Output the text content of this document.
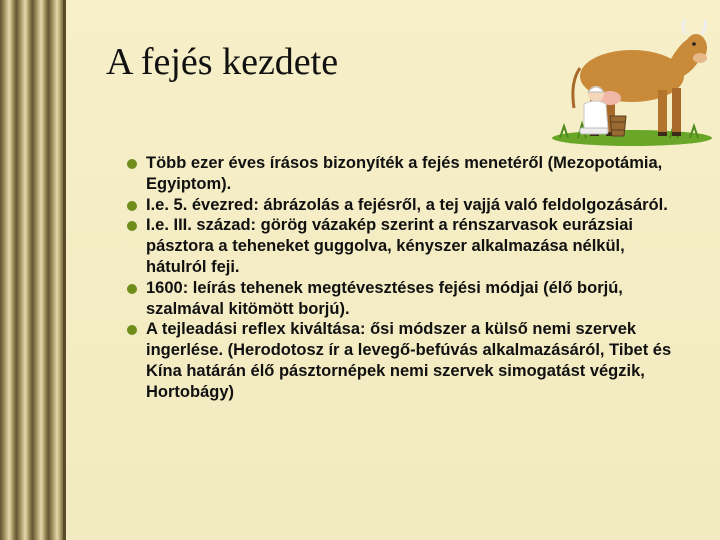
A fejés kezdete
Több ezer éves írásos bizonyíték a fejés menetéről (Mezopotámia, Egyiptom).
I.e. 5. évezred: ábrázolás a fejésről, a tej vajjá való feldolgozásáról.
I.e. III. század: görög vázakép szerint a rénszarvasok eurázsiai pásztora a teheneket guggolva, kényszer alkalmazása nélkül, hátulról feji.
1600: leírás tehenek megtévesztéses fejési módjai (élő borjú, szalmával kitömött borjú).
A tejleadási reflex kiváltása: ősi módszer a külső nemi szervek ingerlése. (Herodotosz ír a levegő-befúvás alkalmazásáról, Tibet és Kína határán élő pásztornépek nemi szervek simogatást végzik, Hortobágy)
